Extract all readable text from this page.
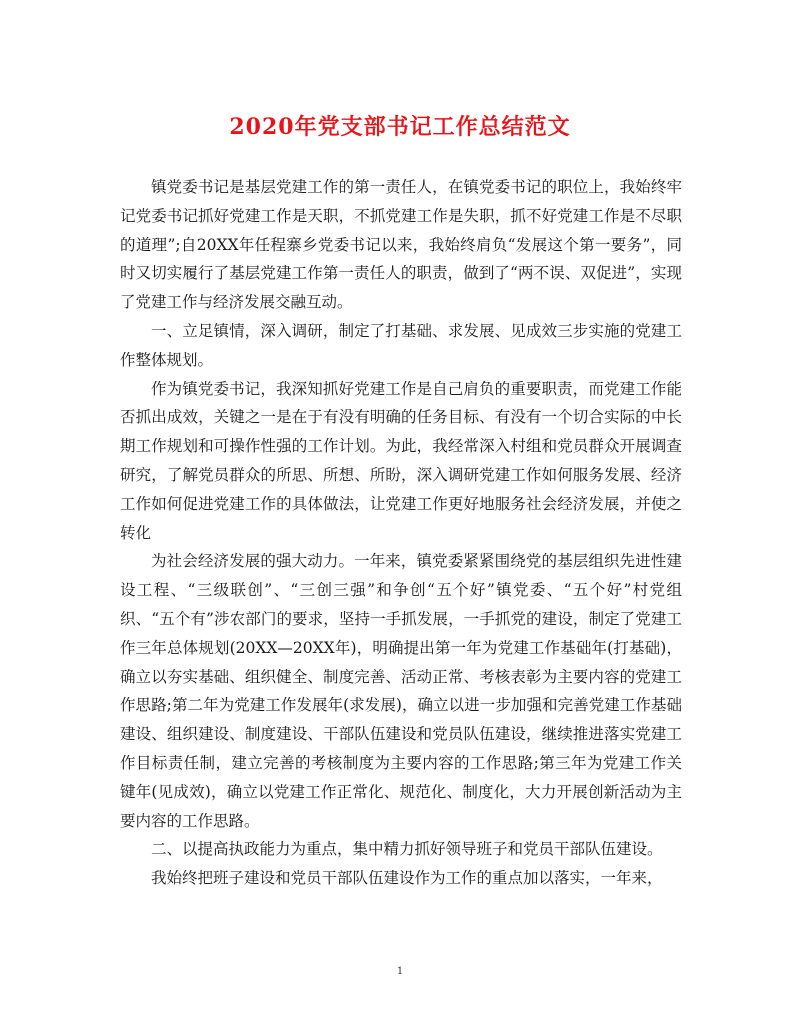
2020年党支部书记工作总结范文

镇党委书记是基层党建工作的第一责任人，在镇党委书记的职位上，我始终牢记党委书记抓好党建工作是天职，不抓党建工作是失职，抓不好党建工作是不尽职的道理”;自20XX年任程寨乡党委书记以来，我始终肩负“发展这个第一要务”，同时又切实履行了基层党建工作第一责任人的职责，做到了“两不误、双促进”，实现了党建工作与经济发展交融互动。

一、立足镇情，深入调研，制定了打基础、求发展、见成效三步实施的党建工作整体规划。

作为镇党委书记，我深知抓好党建工作是自己肩负的重要职责，而党建工作能否抓出成效，关键之一是在于有没有明确的任务目标、有没有一个切合实际的中长期工作规划和可操作性强的工作计划。为此，我经常深入村组和党员群众开展调查研究，了解党员群众的所思、所想、所盼，深入调研党建工作如何服务发展、经济工作如何促进党建工作的具体做法，让党建工作更好地服务社会经济发展，并使之转化

为社会经济发展的强大动力。一年来，镇党委紧紧围绕党的基层组织先进性建设工程、“三级联创”、“三创三强”和争创“五个好”镇党委、“五个好”村党组织、“五个有”涉农部门的要求，坚持一手抓发展，一手抓党的建设，制定了党建工作三年总体规划(20XX—20XX年)，明确提出第一年为党建工作基础年(打基础)，确立以夯实基础、组织健全、制度完善、活动正常、考核表彰为主要内容的党建工作思路;第二年为党建工作发展年(求发展)，确立以进一步加强和完善党建工作基础建设、组织建设、制度建设、干部队伍建设和党员队伍建设，继续推进落实党建工作目标责任制，建立完善的考核制度为主要内容的工作思路;第三年为党建工作关键年(见成效)，确立以党建工作正常化、规范化、制度化，大力开展创新活动为主要内容的工作思路。

二、以提高执政能力为重点，集中精力抓好领导班子和党员干部队伍建设。

我始终把班子建设和党员干部队伍建设作为工作的重点加以落实，一年来，

1
